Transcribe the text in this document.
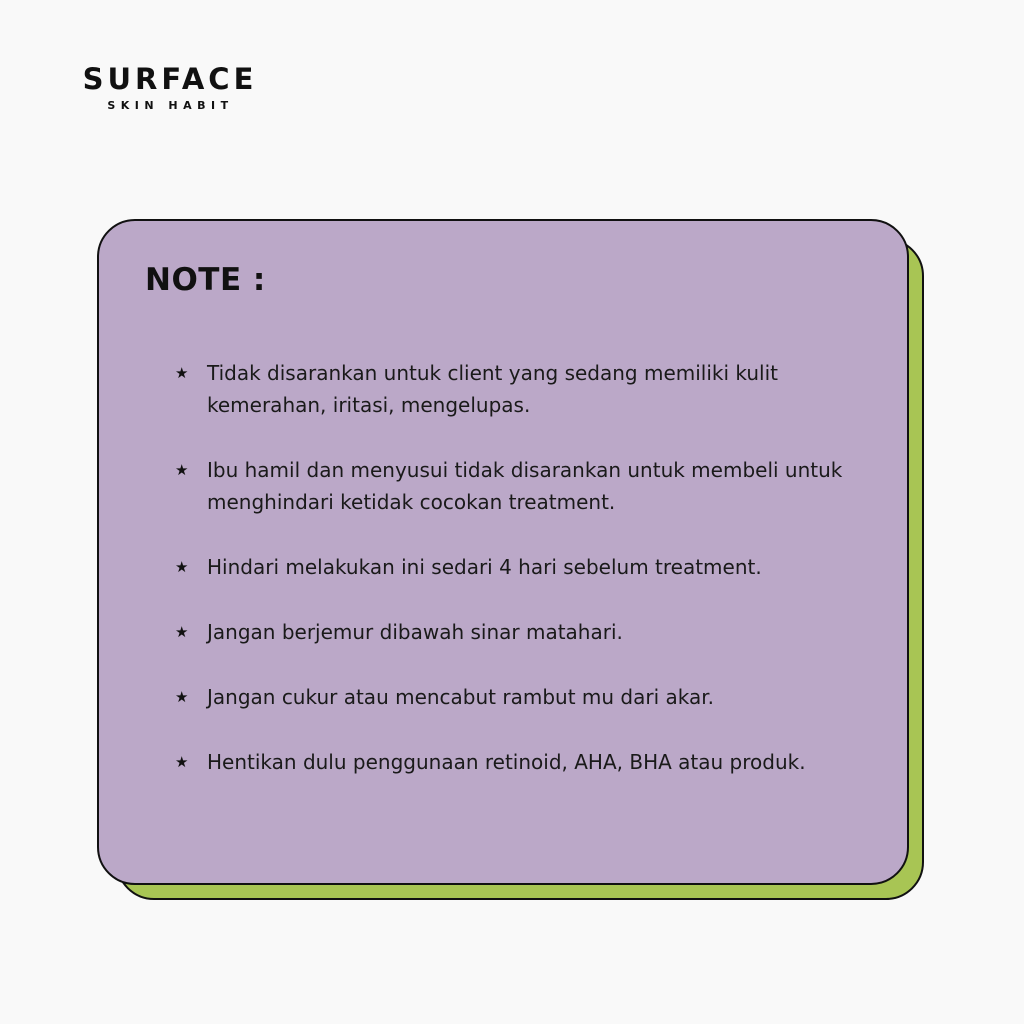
SURFACE
SKIN HABIT
NOTE :
★ Tidak disarankan untuk client yang sedang memiliki kulit kemerahan, iritasi, mengelupas.
★ Ibu hamil dan menyusui tidak disarankan untuk membeli untuk menghindari ketidak cocokan treatment.
★ Hindari melakukan ini sedari 4 hari sebelum treatment.
★ Jangan berjemur dibawah sinar matahari.
★ Jangan cukur atau mencabut rambut mu dari akar.
★ Hentikan dulu penggunaan retinoid, AHA, BHA atau produk.
